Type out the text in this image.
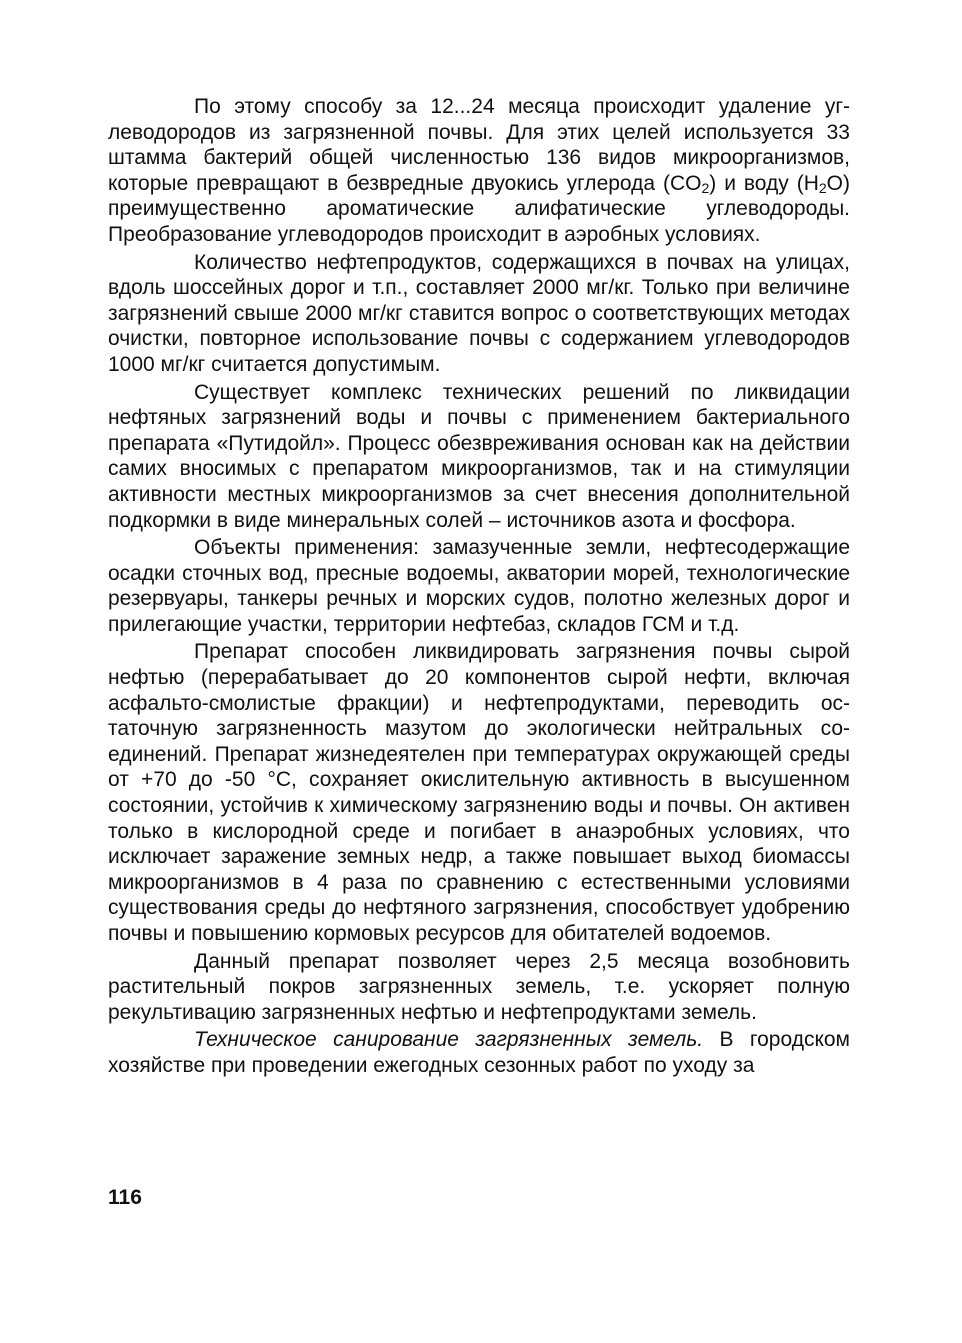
По этому способу за 12...24 месяца происходит удаление углеводородов из загрязненной почвы. Для этих целей используется 33 штамма бактерий общей численностью 136 видов микроорганизмов, которые превращают в безвредные двуокись углерода $(CO_2)$ и воду $(H_2O)$ преимущественно ароматические алифатические углеводороды. Преобразование углеводородов происходит в аэробных условиях.

Количество нефтепродуктов, содержащихся в почвах на улицах, вдоль шоссейных дорог и т.п., составляет 2000 мг/кг. Только при величине загрязнений свыше 2000 мг/кг ставится вопрос о соответствующих методах очистки, повторное использование почвы с содержанием углеводородов 1000 мг/кг считается допустимым.

Существует комплекс технических решений по ликвидации нефтяных загрязнений воды и почвы с применением бактериального препарата «Путидойл». Процесс обезвреживания основан как на действии самих вносимых с препаратом микроорганизмов, так и на стимуляции активности местных микроорганизмов за счет внесения дополнительной подкормки в виде минеральных солей – источников азота и фосфора.

Объекты применения: замазученные земли, нефтесодержащие осадки сточных вод, пресные водоемы, акватории морей, технологические резервуары, танкеры речных и морских судов, полотно железных дорог и прилегающие участки, территории нефтебаз, складов ГСМ и т.д.

Препарат способен ликвидировать загрязнения почвы сырой нефтью (перерабатывает до 20 компонентов сырой нефти, включая асфальто-смолистые фракции) и нефтепродуктами, переводить остаточную загрязненность мазутом до экологически нейтральных соединений. Препарат жизнедеятелен при температурах окружающей среды от +70 до -50 °С, сохраняет окислительную активность в высушенном состоянии, устойчив к химическому загрязнению воды и почвы. Он активен только в кислородной среде и погибает в анаэробных условиях, что исключает заражение земных недр, а также повышает выход биомассы микроорганизмов в 4 раза по сравнению с естественными условиями существования среды до нефтяного загрязнения, способствует удобрению почвы и повышению кормовых ресурсов для обитателей водоемов.

Данный препарат позволяет через 2,5 месяца возобновить растительный покров загрязненных земель, т.е. ускоряет полную рекультивацию загрязненных нефтью и нефтепродуктами земель.

Техническое санирование загрязненных земель. В городском хозяйстве при проведении ежегодных сезонных работ по уходу за

116
